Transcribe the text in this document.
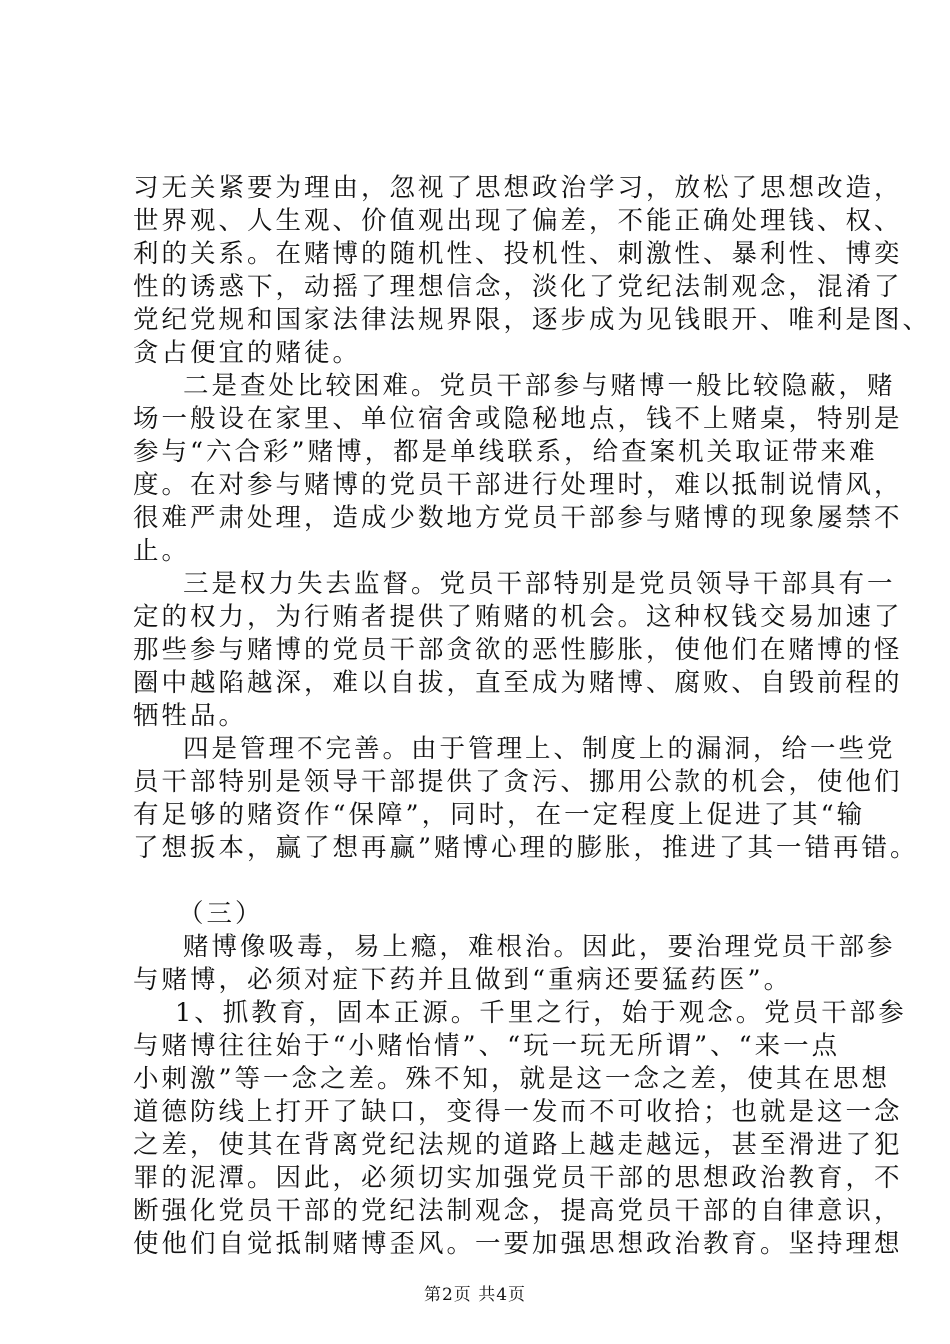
习无关紧要为理由，忽视了思想政治学习，放松了思想改造，
世界观、人生观、价值观出现了偏差，不能正确处理钱、权、
利的关系。在赌博的随机性、投机性、刺激性、暴利性、博奕
性的诱惑下，动摇了理想信念，淡化了党纪法制观念，混淆了
党纪党规和国家法律法规界限，逐步成为见钱眼开、唯利是图、
贪占便宜的赌徒。
二是查处比较困难。党员干部参与赌博一般比较隐蔽，赌
场一般设在家里、单位宿舍或隐秘地点，钱不上赌桌，特别是
参与“六合彩”赌博，都是单线联系，给查案机关取证带来难
度。在对参与赌博的党员干部进行处理时，难以抵制说情风，
很难严肃处理，造成少数地方党员干部参与赌博的现象屡禁不
止。
三是权力失去监督。党员干部特别是党员领导干部具有一
定的权力，为行贿者提供了贿赌的机会。这种权钱交易加速了
那些参与赌博的党员干部贪欲的恶性膨胀，使他们在赌博的怪
圈中越陷越深，难以自拔，直至成为赌博、腐败、自毁前程的
牺牲品。
四是管理不完善。由于管理上、制度上的漏洞，给一些党
员干部特别是领导干部提供了贪污、挪用公款的机会，使他们
有足够的赌资作“保障”，同时，在一定程度上促进了其“输
了想扳本，赢了想再赢”赌博心理的膨胀，推进了其一错再错。
（三）
赌博像吸毒，易上瘾，难根治。因此，要治理党员干部参
与赌博，必须对症下药并且做到“重病还要猛药医”。
1、抓教育，固本正源。千里之行，始于观念。党员干部参
与赌博往往始于“小赌怡情”、“玩一玩无所谓”、“来一点
小刺激”等一念之差。殊不知，就是这一念之差，使其在思想
道德防线上打开了缺口，变得一发而不可收拾；也就是这一念
之差，使其在背离党纪法规的道路上越走越远，甚至滑进了犯
罪的泥潭。因此，必须切实加强党员干部的思想政治教育，不
断强化党员干部的党纪法制观念，提高党员干部的自律意识，
使他们自觉抵制赌博歪风。一要加强思想政治教育。坚持理想
第2页 共4页
